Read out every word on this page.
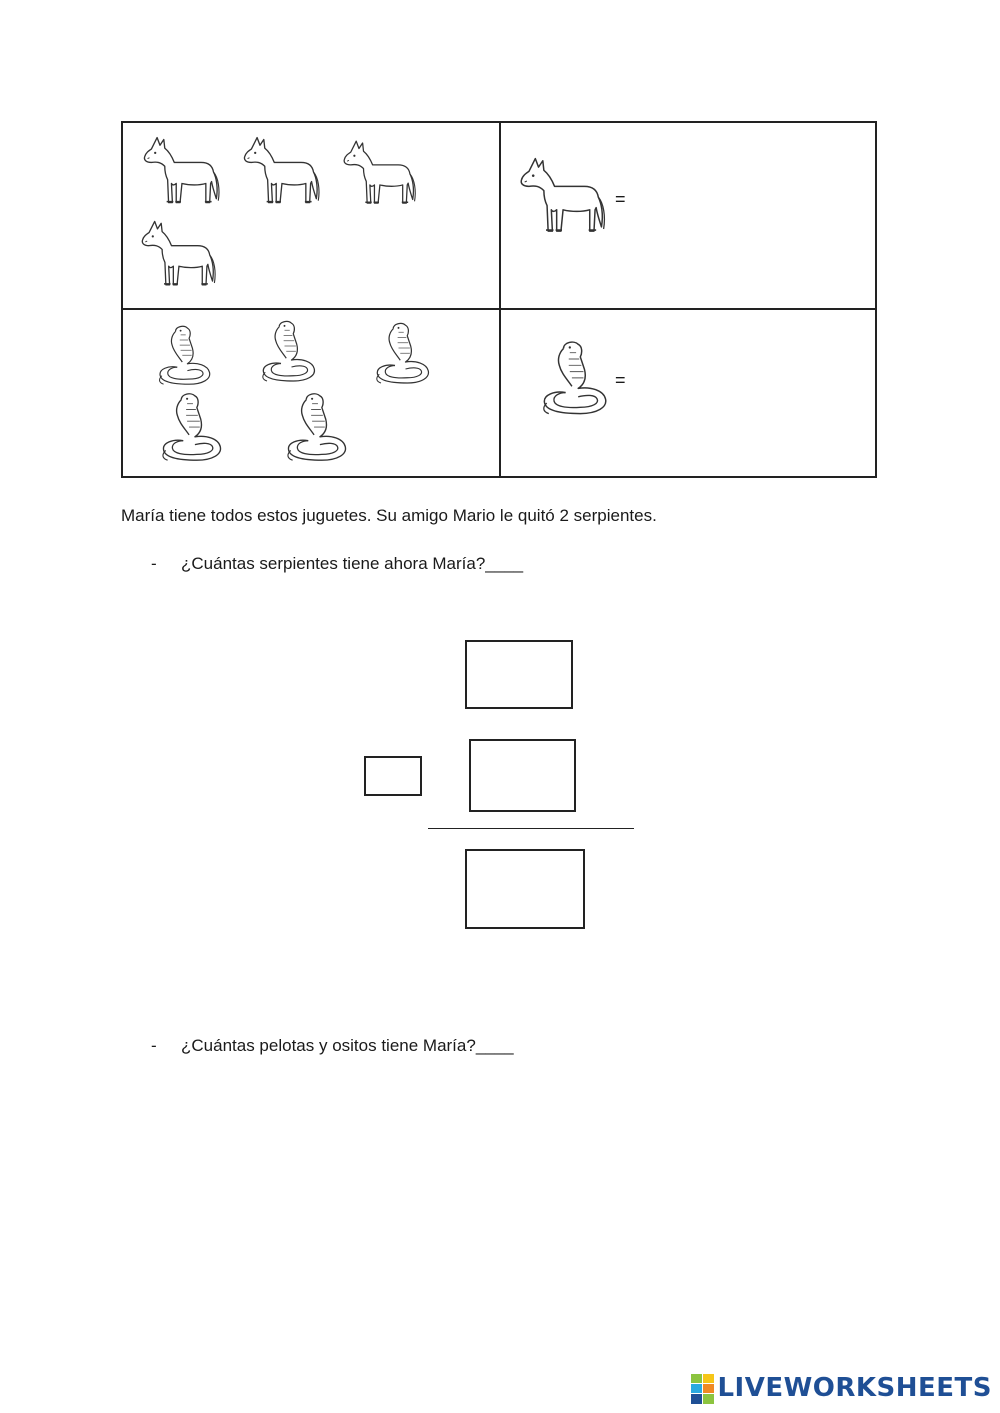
=
=
María tiene todos estos juguetes. Su amigo Mario le quitó 2 serpientes.
- ¿Cuántas serpientes tiene ahora María?____
- ¿Cuántas pelotas y ositos tiene María?____
LIVEWORKSHEETS
